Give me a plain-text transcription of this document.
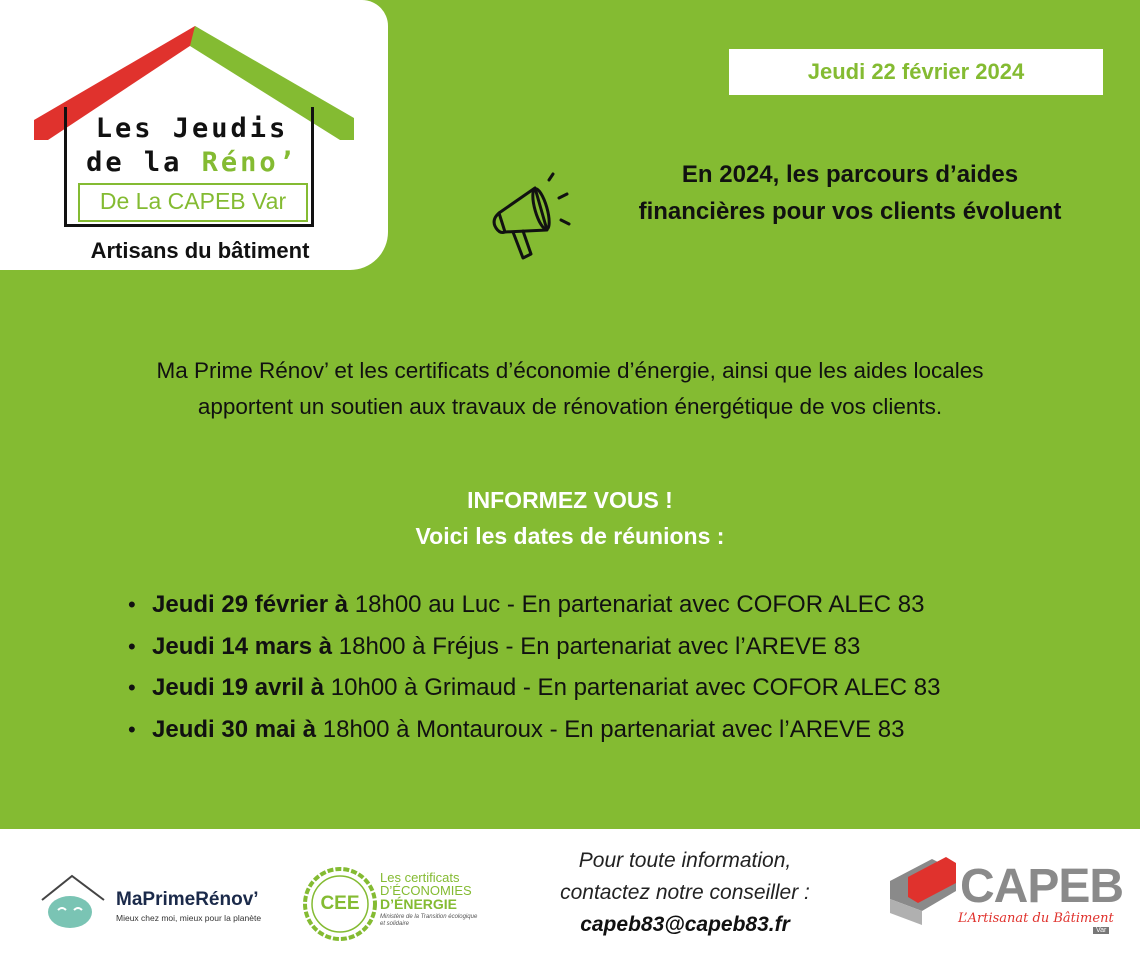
Les Jeudis
de la Réno’
De La CAPEB Var
Artisans du bâtiment
Jeudi 22 février 2024
En 2024, les parcours d’aides
financières pour vos clients évoluent
Ma Prime Rénov’ et les certificats d’économie d’énergie, ainsi que les aides locales
apportent un soutien aux travaux de rénovation énergétique de vos clients.
INFORMEZ VOUS !
Voici les dates de réunions :
• Jeudi 29 février à 18h00 au Luc - En partenariat avec COFOR ALEC 83
• Jeudi 14 mars à 18h00 à Fréjus - En partenariat avec l’AREVE 83
• Jeudi 19 avril à 10h00 à Grimaud - En partenariat avec COFOR ALEC 83
• Jeudi 30 mai à 18h00 à Montauroux - En partenariat avec l’AREVE 83
MaPrimeRénov’
Mieux chez moi, mieux pour la planète
CEE
Les certificats
D’ÉCONOMIES
D’ÉNERGIE
Ministère de la Transition écologique et solidaire
Pour toute information,
contactez notre conseiller :
capeb83@capeb83.fr
CAPEB
L’Artisanat du Bâtiment
Var
